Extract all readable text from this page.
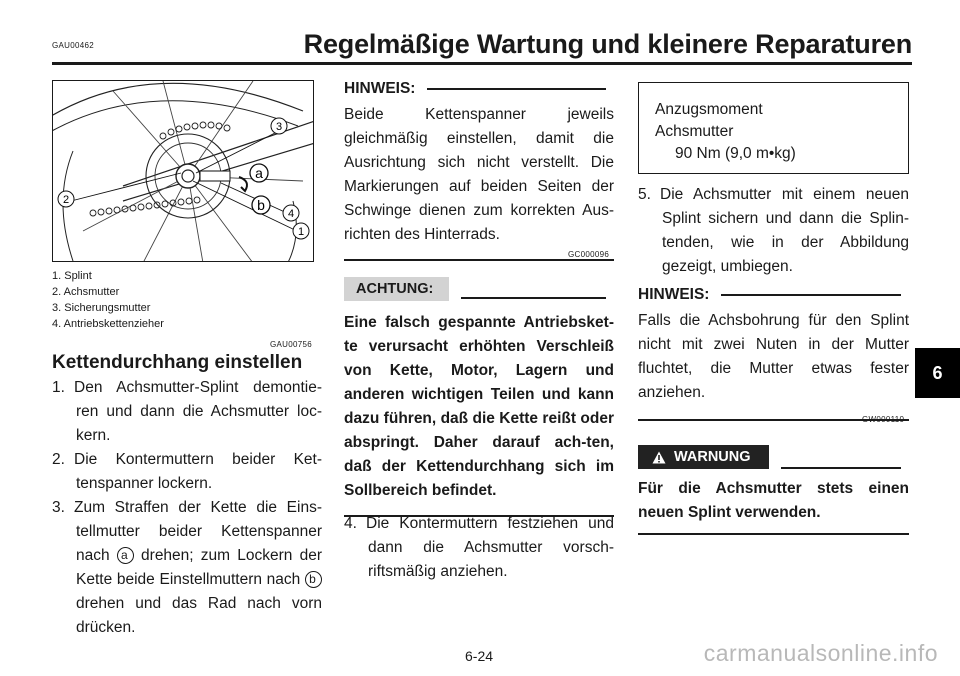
GAU00462	Regelmäßige Wartung und kleinere Reparaturen
3
2
4
1
a
b
1. Splint
2. Achsmutter
3. Sicherungsmutter
4. Antriebskettenzieher
GAU00756
Kettendurchhang einstellen
1. Den Achsmutter-Splint demontie-ren und dann die Achsmutter loc-kern.
2. Die Kontermuttern beider Ket-tenspanner lockern.
3. Zum Straffen der Kette die Eins-tellmutter beider Kettenspanner nach a drehen; zum Lockern der Kette beide Einstellmuttern nach b drehen und das Rad nach vorn drücken.
HINWEIS:
Beide Kettenspanner jeweils gleichmäßig einstellen, damit die Ausrichtung sich nicht verstellt. Die Markierungen auf beiden Seiten der Schwinge dienen zum korrekten Aus-richten des Hinterrads.
GC000096
ACHTUNG:
Eine falsch gespannte Antriebsket-te verursacht erhöhten Verschleiß von Kette, Motor, Lagern und anderen wichtigen Teilen und kann dazu führen, daß die Kette reißt oder abspringt. Daher darauf ach-ten, daß der Kettendurchhang sich im Sollbereich befindet.
4. Die Kontermuttern festziehen und dann die Achsmutter vorsch-riftsmäßig anziehen.
Anzugsmoment
Achsmutter
90 Nm (9,0 m•kg)
5. Die Achsmutter mit einem neuen Splint sichern und dann die Splin-tenden, wie in der Abbildung gezeigt, umbiegen.
HINWEIS:
Falls die Achsbohrung für den Splint nicht mit zwei Nuten in der Mutter fluchtet, die Mutter etwas fester anziehen.
GW000110
WARNUNG
Für die Achsmutter stets einen neuen Splint verwenden.
6
6-24	carmanualsonline.info
